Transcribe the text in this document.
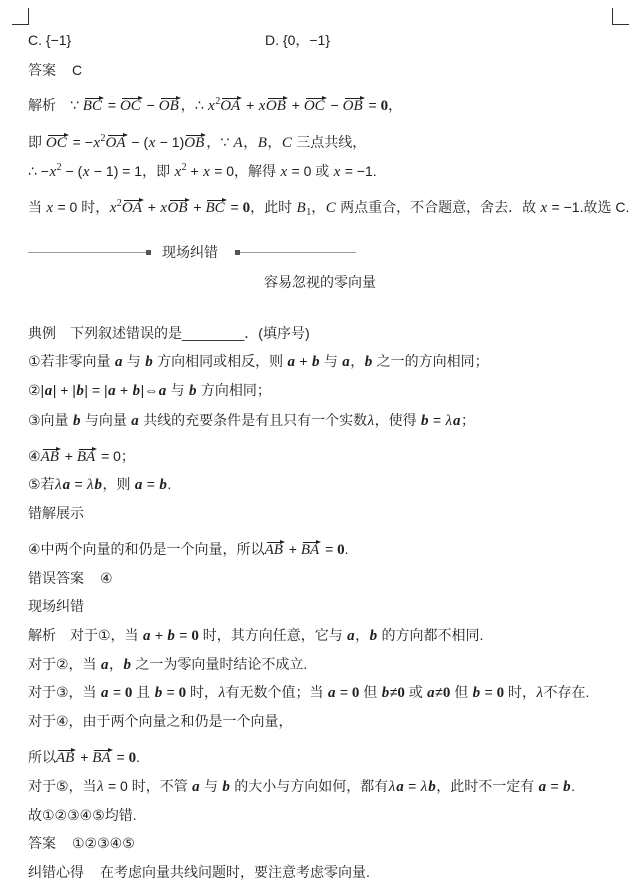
C. {−1}	D. {0，−1}
答案 C
解析　∵ BC = OC − OB ，∴ $x^2OA$ + xOB + OC − OB = 0，
即 OC = $-x^2OA - (x - 1)OB$ ，∵ A，B，C 三点共线，
∴ $-x^2 - (x - 1) = 1$，即 $x^2 + x = 0$，解得 x = 0 或 x = −1.
当 x = 0 时，$x^2OA$ + xOB + BC = 0，此时 $B_1$，C 两点重合，不合题意，舍去．故 x = −1.故选 C.
现场纠错
容易忽视的零向量
典例　下列叙述错误的是________．(填序号)
①若非零向量 a 与 b 方向相同或相反，则 a + b 与 a，b 之一的方向相同；
②|a| + |b| = |a + b|⇔a 与 b 方向相同；
③向量 b 与向量 a 共线的充要条件是有且只有一个实数λ，使得 b = λa；
④AB + BA = 0；
⑤若λa = λb，则 a = b.
错解展示
④中两个向量的和仍是一个向量，所以AB + BA = 0.
错误答案 ④
现场纠错
解析　对于①，当 a + b = 0 时，其方向任意，它与 a，b 的方向都不相同.
对于②，当 a，b 之一为零向量时结论不成立.
对于③，当 a = 0 且 b = 0 时，λ有无数个值；当 a = 0 但 b≠0 或 a≠0 但 b = 0 时，λ不存在.
对于④，由于两个向量之和仍是一个向量，
所以AB + BA = 0.
对于⑤，当λ = 0 时，不管 a 与 b 的大小与方向如何，都有λa = λb，此时不一定有 a = b.
故①②③④⑤均错.
答案 ①②③④⑤
纠错心得 在考虑向量共线问题时，要注意考虑零向量.
